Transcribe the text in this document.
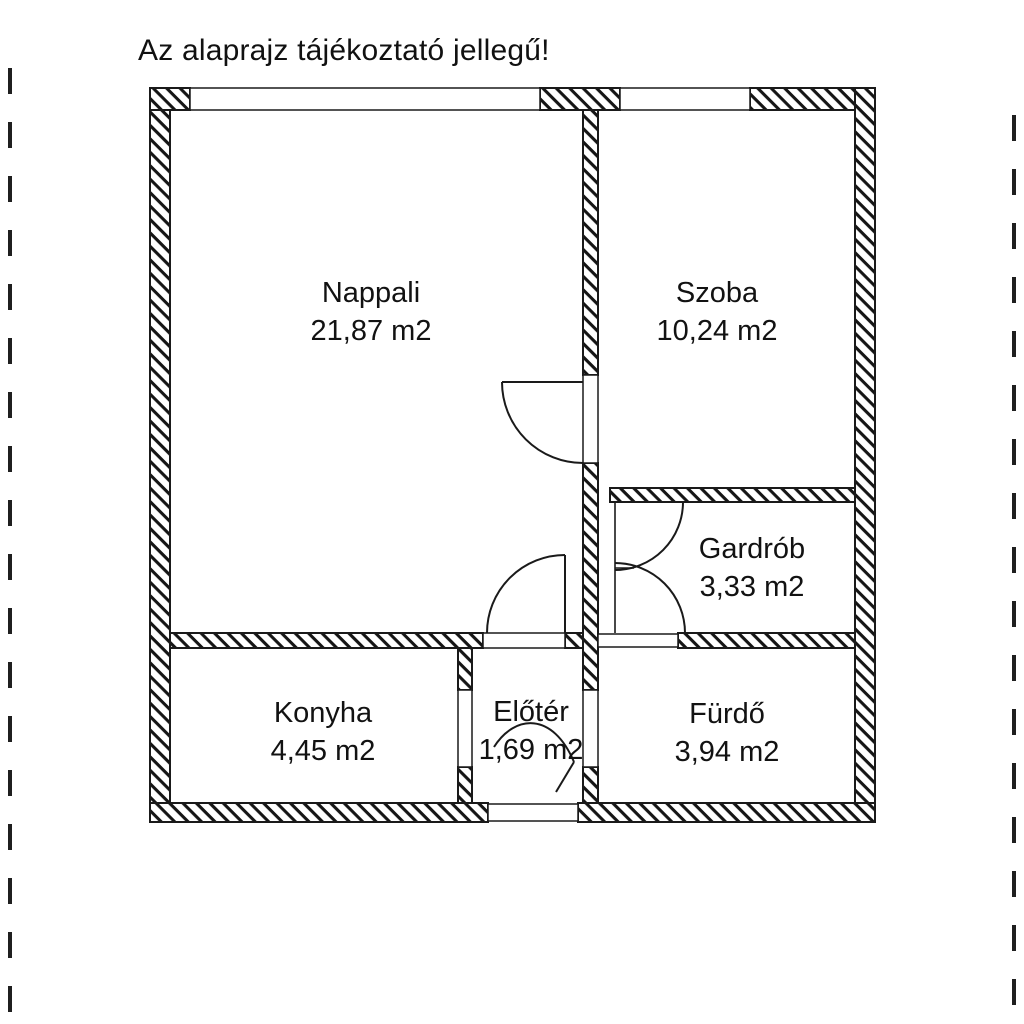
Az alaprajz tájékoztató jellegű!
Nappali
21,87 m2
Szoba
10,24 m2
Gardrób
3,33 m2
Konyha
4,45 m2
Előtér
1,69 m2
Fürdő
3,94 m2
